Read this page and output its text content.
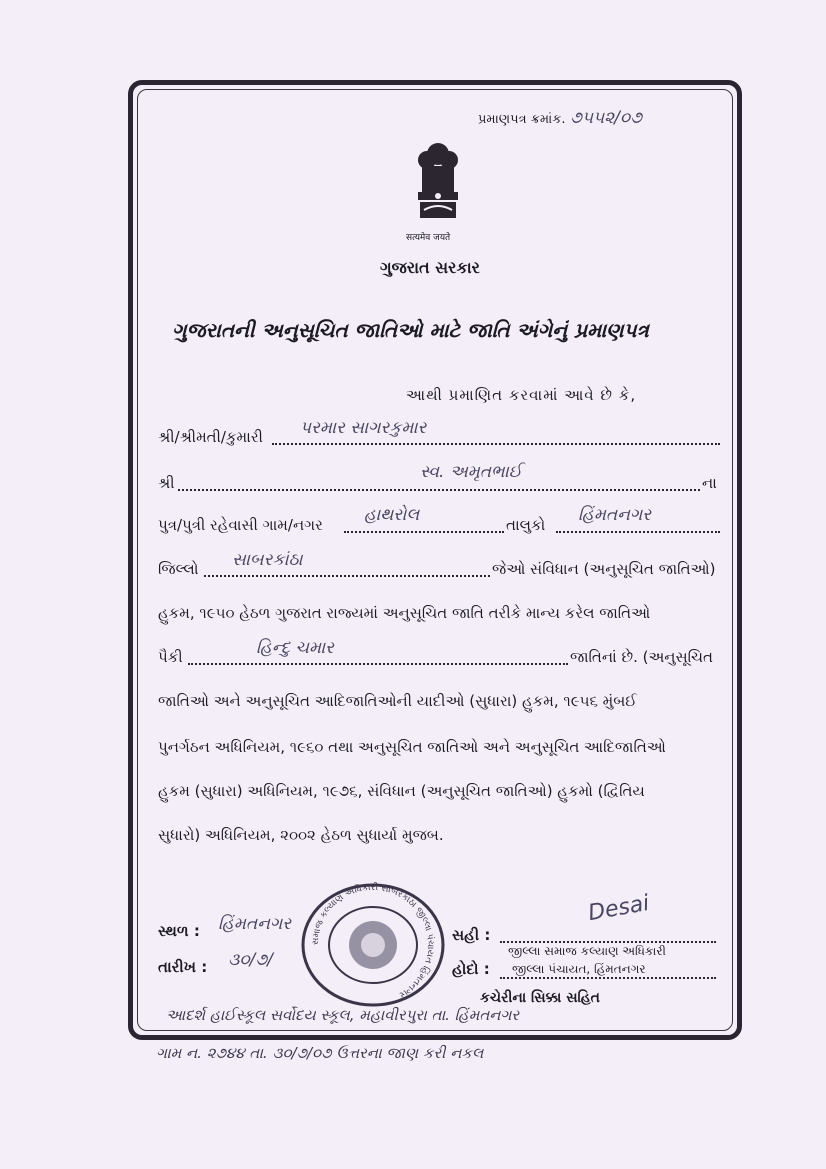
પ્રમાણપત્ર ક્રમાંક. ૭૫૫૨/૦૭
सत्यमेव जयते
ગુજરાત સરકાર
ગુજરાતની અનુસૂચિત જાતિઓ માટે જાતિ અંગેનું પ્રમાણપત્ર
આથી પ્રમાણિત કરવામાં આવે છે કે,
શ્રી/શ્રીમતી/કુમારી પરમાર સાગરકુમાર
શ્રી
સ્વ. અમૃતભાઈ
ના
પુત્ર/પુત્રી રહેવાસી ગામ/નગર હાથરોલ	તાલુકો હિંમતનગર
જિલ્લો સાબરકાંઠા	જેઓ સંવિધાન (અનુસૂચિત જાતિઓ)
હુકમ, ૧૯૫૦ હેઠળ ગુજરાત રાજ્યમાં અનુસૂચિત જાતિ તરીકે માન્ય કરેલ જાતિઓ
પૈકી	હિન્દુ ચમાર	જાતિનાં છે. (અનુસૂચિત
જાતિઓ અને અનુસૂચિત આદિજાતિઓની યાદીઓ (સુધારા) હુકમ, ૧૯૫૬ મુંબઈ
પુનર્ગઠન અધિનિયમ, ૧૯૬૦ તથા અનુસૂચિત જાતિઓ અને અનુસૂચિત આદિજાતિઓ
હુકમ (સુધારા) અધિનિયમ, ૧૯૭૬, સંવિધાન (અનુસૂચિત જાતિઓ) હુકમો (દ્વિતિય
સુધારો) અધિનિયમ, ૨૦૦૨ હેઠળ સુધાર્યા મુજબ.
સમાજ કલ્યાણ અધિકારી સાબરકાંઠા જીલ્લા પંચાયત હિંમતનગર
સ્થળ : હિંમતનગર
તારીખ : ૩૦/૭/
સહી :
Desai
જીલ્લા સમાજ કલ્યાણ અધિકારી
હોદો : જીલ્લા પંચાયત, હિંમતનગર
કચેરીના સિક્કા સહિત
આદર્શ હાઈસ્કૂલ સર્વોદય સ્કૂલ, મહાવીરપુરા તા. હિંમતનગર
ગામ ન. ૨૭૪૪ તા. ૩૦/૭/૦૭ ઉત્તરના જાણ કરી નકલ
